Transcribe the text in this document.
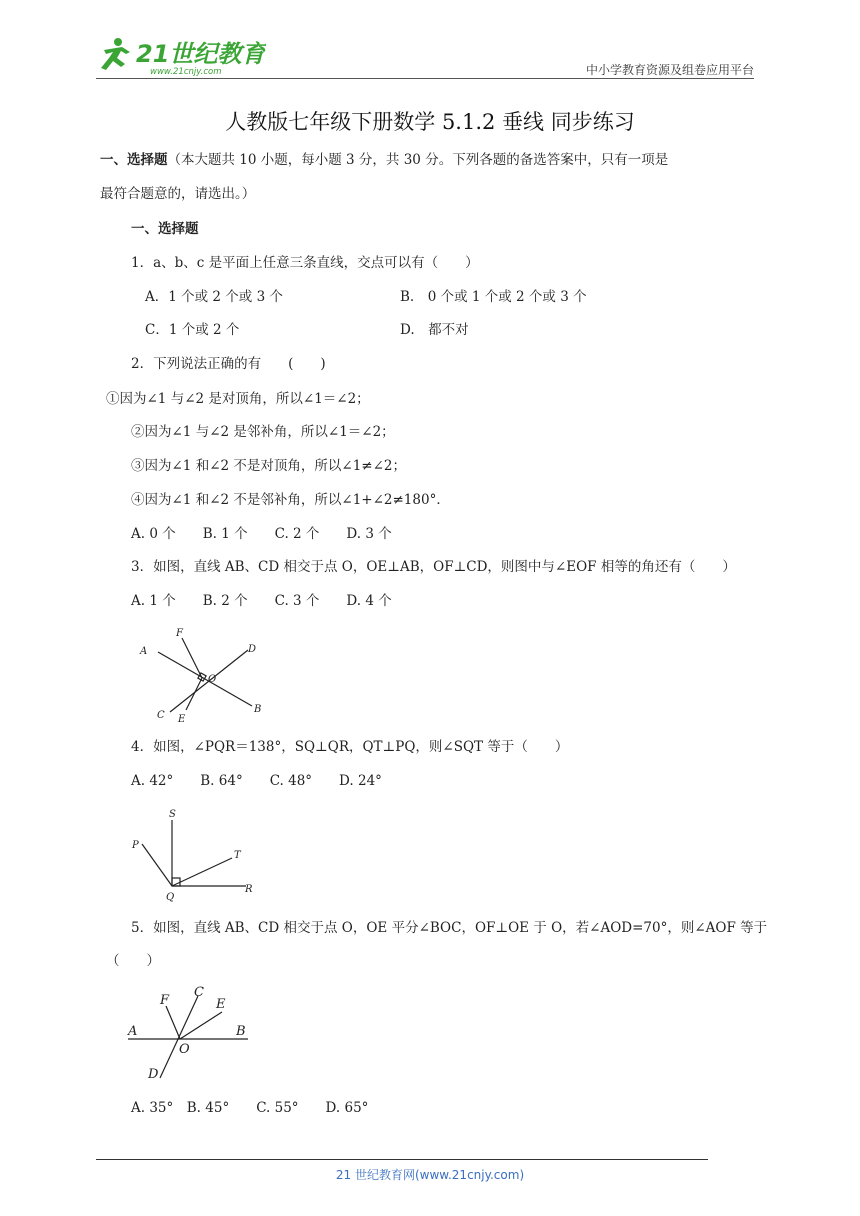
21世纪教育
www.21cnjy.com	中小学教育资源及组卷应用平台
人教版七年级下册数学 5.1.2 垂线 同步练习
一、选择题（本大题共 10 小题，每小题 3 分，共 30 分。下列各题的备选答案中，只有一项是
最符合题意的，请选出。）
一、选择题
1．a、b、c 是平面上任意三条直线，交点可以有（　　）
A．1 个或 2 个或 3 个	B.　0 个或 1 个或 2 个或 3 个
C．1 个或 2 个	D.　都不对
2．下列说法正确的有　　(　　)
①因为∠1 与∠2 是对顶角，所以∠1＝∠2；
②因为∠1 与∠2 是邻补角，所以∠1＝∠2；
③因为∠1 和∠2 不是对顶角，所以∠1≠∠2；
④因为∠1 和∠2 不是邻补角，所以∠1+∠2≠180°．
A. 0 个　　B. 1 个　　C. 2 个　　D. 3 个
3．如图，直线 AB、CD 相交于点 O，OE⊥AB，OF⊥CD，则图中与∠EOF 相等的角还有（　　）
A. 1 个　　B. 2 个　　C. 3 个　　D. 4 个
A
F
D
O
B
C E
4．如图，∠PQR＝138°，SQ⊥QR，QT⊥PQ，则∠SQT 等于（　　）
A. 42°　　B. 64°　　C. 48°　　D. 24°
S
P
T
Q
R
5．如图，直线 AB、CD 相交于点 O，OE 平分∠BOC，OF⊥OE 于 O，若∠AOD=70°，则∠AOF 等于
（　　）
F
C
E
A	B
O
D
A. 35°　B. 45°　　C. 55°　　D. 65°
21 世纪教育网(www.21cnjy.com)
